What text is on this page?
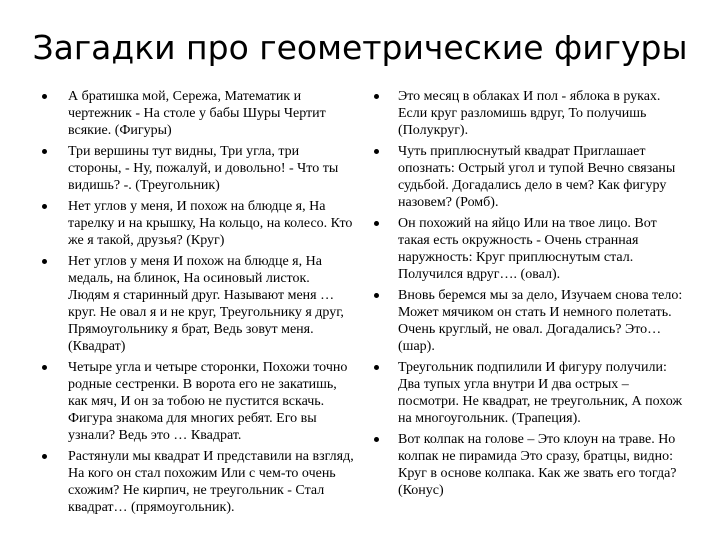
Загадки про геометрические фигуры
А братишка мой, Сережа, Математик и чертежник - На столе у бабы Шуры Чертит всякие. (Фигуры)
Три вершины тут видны, Три угла, три стороны, - Ну, пожалуй, и довольно! - Что ты видишь? -. (Треугольник)
Нет углов у меня, И похож на блюдце я, На тарелку и на крышку, На кольцо, на колесо. Кто же я такой, друзья? (Круг)
Нет углов у меня И похож на блюдце я, На медаль, на блинок, На осиновый листок. Людям я старинный друг. Называют меня … круг. Не овал я и не круг, Треугольнику я друг, Прямоугольнику я брат, Ведь зовут меня. (Квадрат)
Четыре угла и четыре сторонки, Похожи точно родные сестренки. В ворота его не закатишь, как мяч, И он за тобою не пустится вскачь. Фигура знакома для многих ребят. Его вы узнали? Ведь это … Квадрат.
Растянули мы квадрат И представили на взгляд, На кого он стал похожим Или с чем-то очень схожим? Не кирпич, не треугольник - Стал квадрат… (прямоугольник).
Это месяц в облаках И пол - яблока в руках. Если круг разломишь вдруг, То получишь (Полукруг).
Чуть приплюснутый квадрат Приглашает опознать: Острый угол и тупой Вечно связаны судьбой. Догадались дело в чем? Как фигуру назовем? (Ромб).
Он похожий на яйцо Или на твое лицо. Вот такая есть окружность - Очень странная наружность: Круг приплюснутым стал. Получился вдруг…. (овал).
Вновь беремся мы за дело, Изучаем снова тело: Может мячиком он стать И немного полетать. Очень круглый, не овал. Догадались? Это… (шар).
Треугольник подпилили И фигуру получили: Два тупых угла внутри И два острых – посмотри. Не квадрат, не треугольник, А похож на многоугольник. (Трапеция).
Вот колпак на голове – Это клоун на траве. Но колпак не пирамида Это сразу, братцы, видно: Круг в основе колпака. Как же звать его тогда? (Конус)
